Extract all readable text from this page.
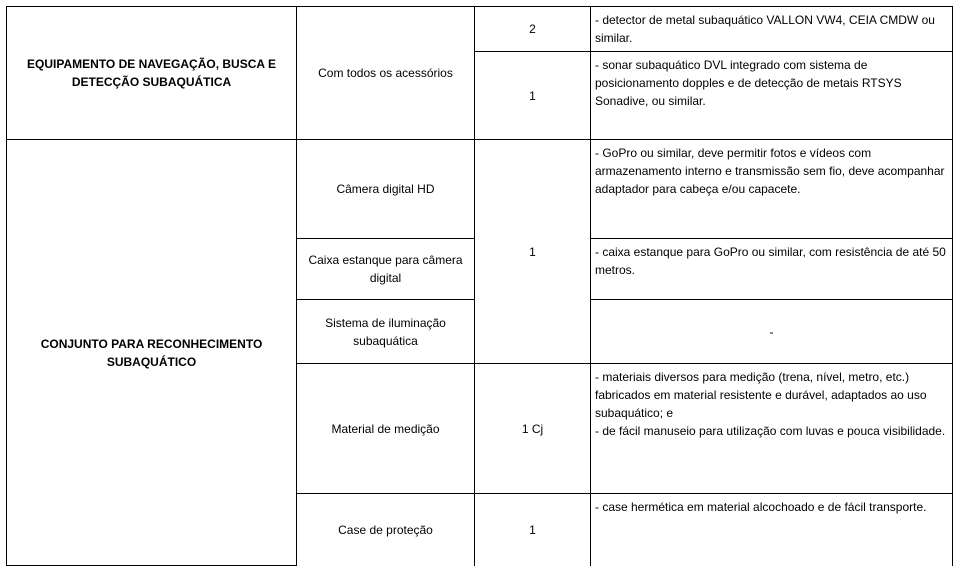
EQUIPAMENTO DE NAVEGAÇÃO, BUSCA E DETECÇÃO SUBAQUÁTICA	Com todos os acessórios	2	- detector de metal subaquático VALLON VW4, CEIA CMDW ou similar.
		1	- sonar subaquático DVL integrado com sistema de posicionamento dopples e de detecção de metais RTSYS Sonadive, ou similar.
CONJUNTO PARA RECONHECIMENTO SUBAQUÁTICO	Câmera digital HD	1	- GoPro ou similar, deve permitir fotos e vídeos com armazenamento interno e transmissão sem fio, deve acompanhar adaptador para cabeça e/ou capacete.
	Caixa estanque para câmera digital		- caixa estanque para GoPro ou similar, com resistência de até 50 metros.
	Sistema de iluminação subaquática		-
	Material de medição	1 Cj	- materiais diversos para medição (trena, nível, metro, etc.) fabricados em material resistente e durável, adaptados ao uso subaquático; e
- de fácil manuseio para utilização com luvas e pouca visibilidade.

	Case de proteção	1	- case hermética em material alcochoado e de fácil transporte.
